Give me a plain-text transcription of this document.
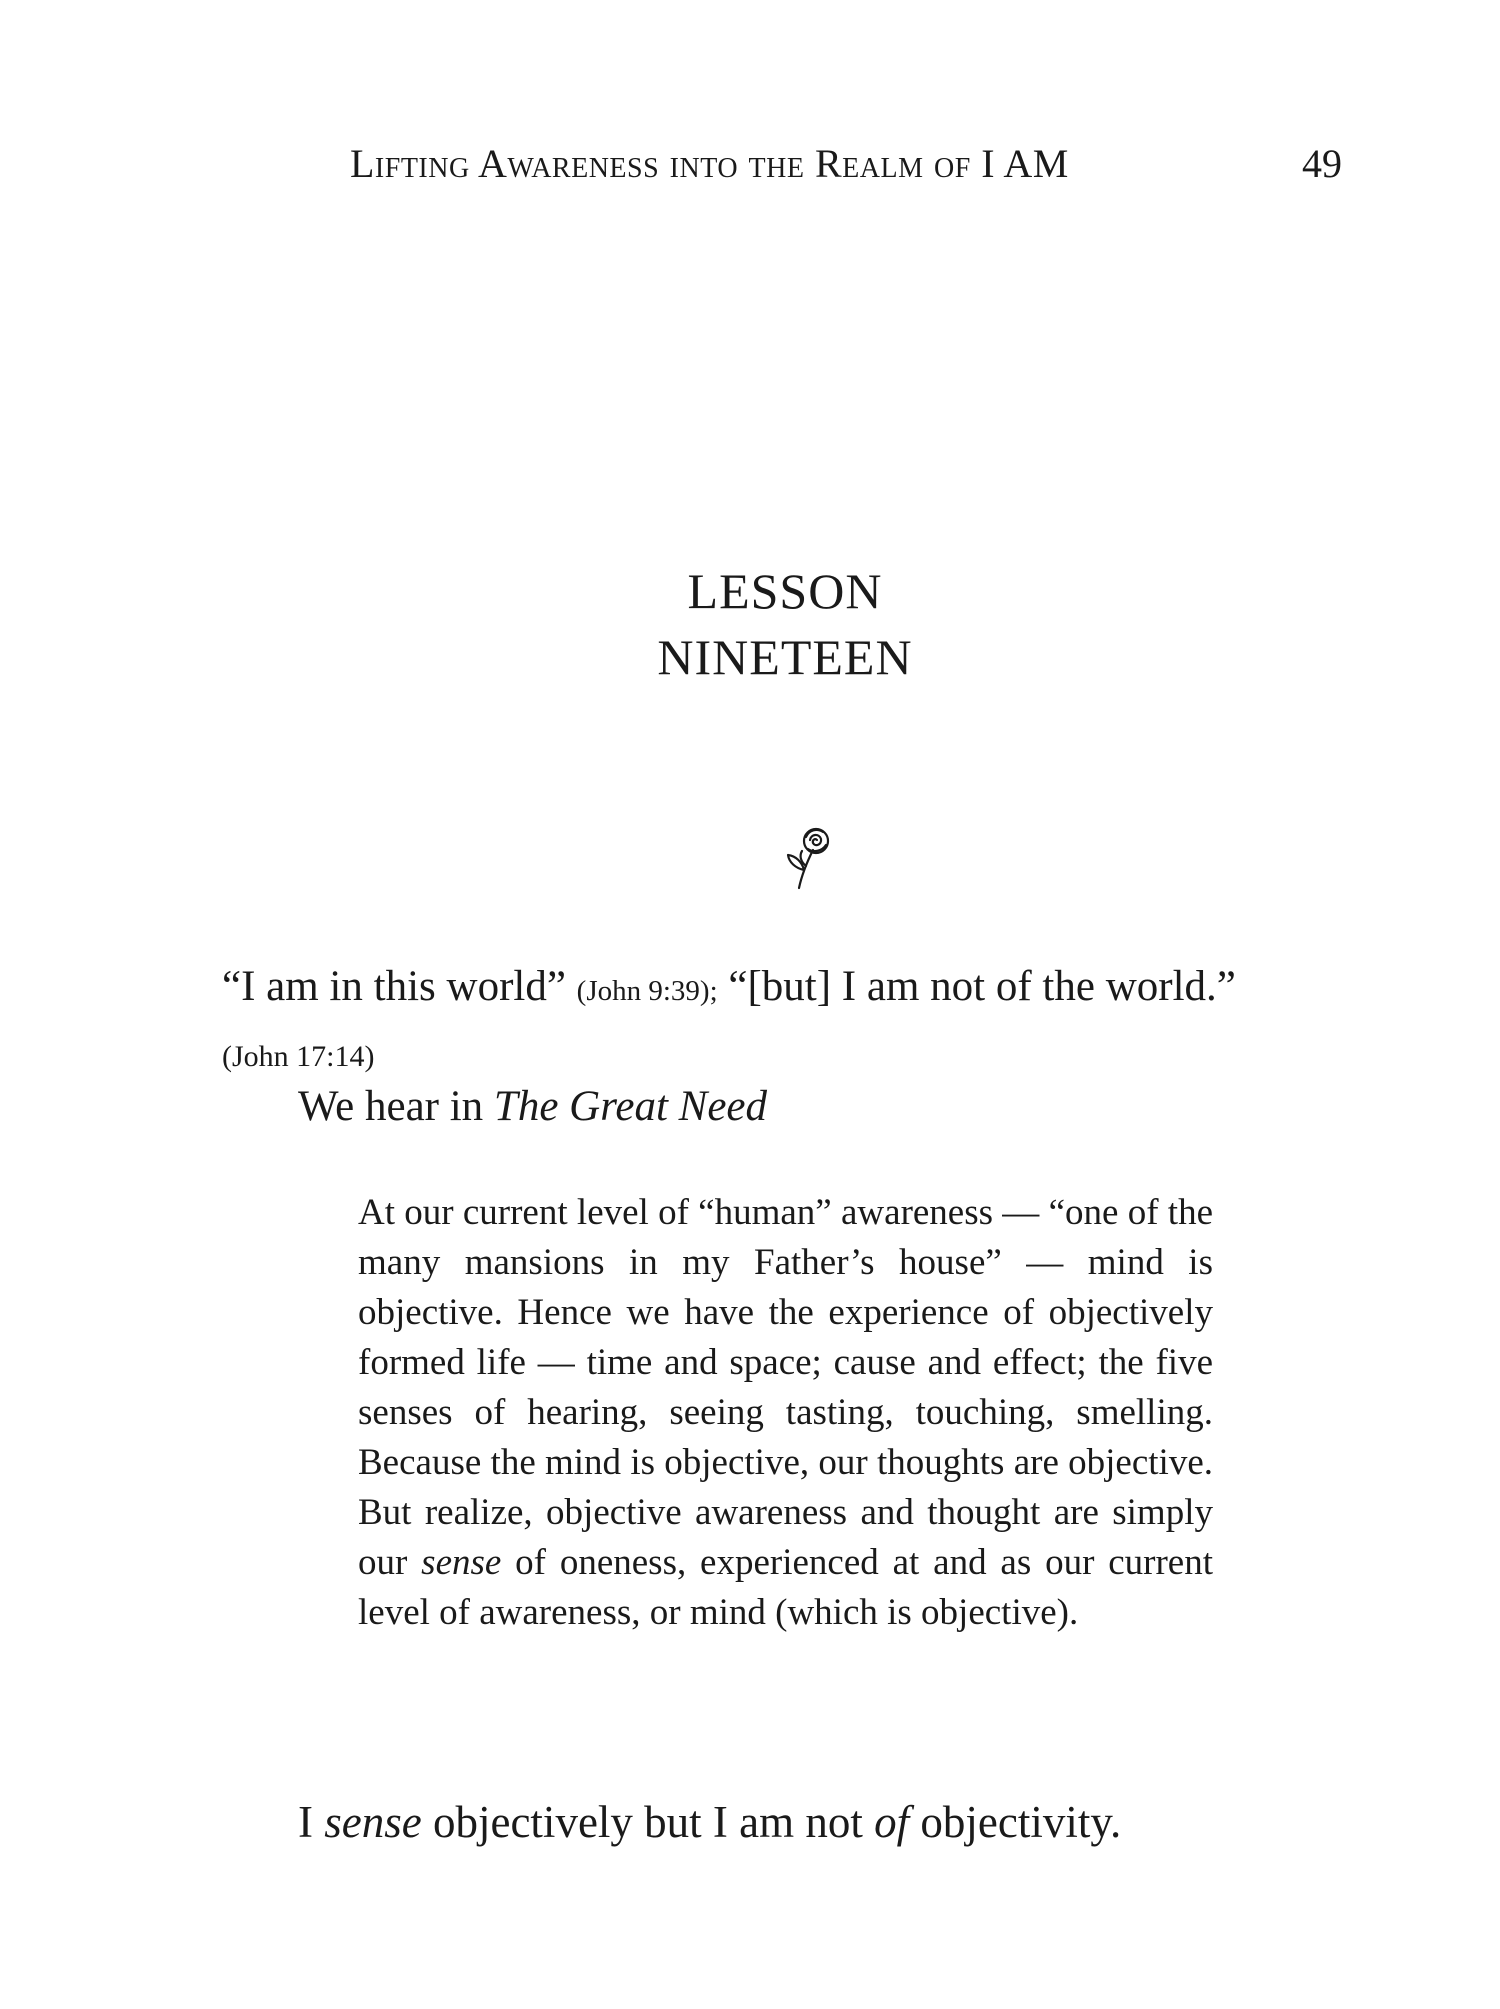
Lifting Awareness into the Realm of I AM	49
LESSON
NINETEEN
“I am in this world” (John 9:39); “[but] I am not of the world.”
(John 17:14)
We hear in The Great Need
At our current level of “human” awareness — “one of the many mansions in my Father’s house” — mind is objective. Hence we have the experience of objectively formed life — time and space; cause and effect; the five senses of hearing, seeing tasting, touching, smelling. Because the mind is objective, our thoughts are objective. But realize, objective awareness and thought are simply our sense of oneness, experienced at and as our current level of awareness, or mind (which is objective).
I sense objectively but I am not of objectivity.
